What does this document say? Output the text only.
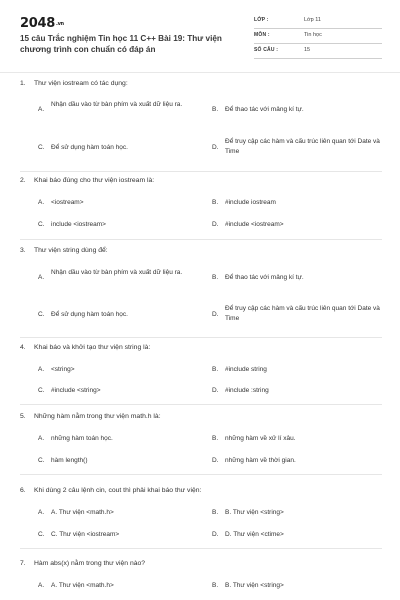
2048.vn
15 câu Trắc nghiệm Tin học 11 C++ Bài 19: Thư viện chương trình con chuẩn có đáp án
LỚP :	Lớp 11
MÔN :	Tin học
SỐ CÂU :	15
1. Thư viện iostream có tác dụng:
A.
Nhận dầu vào từ bàn phím và xuất dữ liệu ra.
B. Để thao tác với mảng kí tự.
C. Để sử dụng hàm toán học.	D.
Để truy cập các hàm và cấu trúc liên quan tới Date và Time
2. Khai báo đúng cho thư viện iostream là:
A. <iostream>	B. #include iostream
C. include <iostream>	D. #include <iostream>
3. Thư viện string dùng để:
A.
Nhận dầu vào từ bàn phím và xuất dữ liệu ra.
B. Để thao tác với mảng kí tự.
C. Để sử dụng hàm toán học.	D.
Để truy cập các hàm và cấu trúc liên quan tới Date và Time
4. Khai báo và khởi tạo thư viện string là:
A. <string>	B. #include string
C. #include <string>	D. #include :string
5. Những hàm nằm trong thư viện math.h là:
A. những hàm toán học.	B. những hàm về xử lí xâu.
C. hàm length()	D. những hàm về thời gian.
6. Khi dùng 2 câu lệnh cin, cout thì phải khai báo thư viện:
A. A. Thư viện <math.h>	B. B. Thư viện <string>
C. C. Thư viện <iostream>	D. D. Thư viện <ctime>
7. Hàm abs(x) nằm trong thư viện nào?
A. A. Thư viện <math.h>	B. B. Thư viện <string>
